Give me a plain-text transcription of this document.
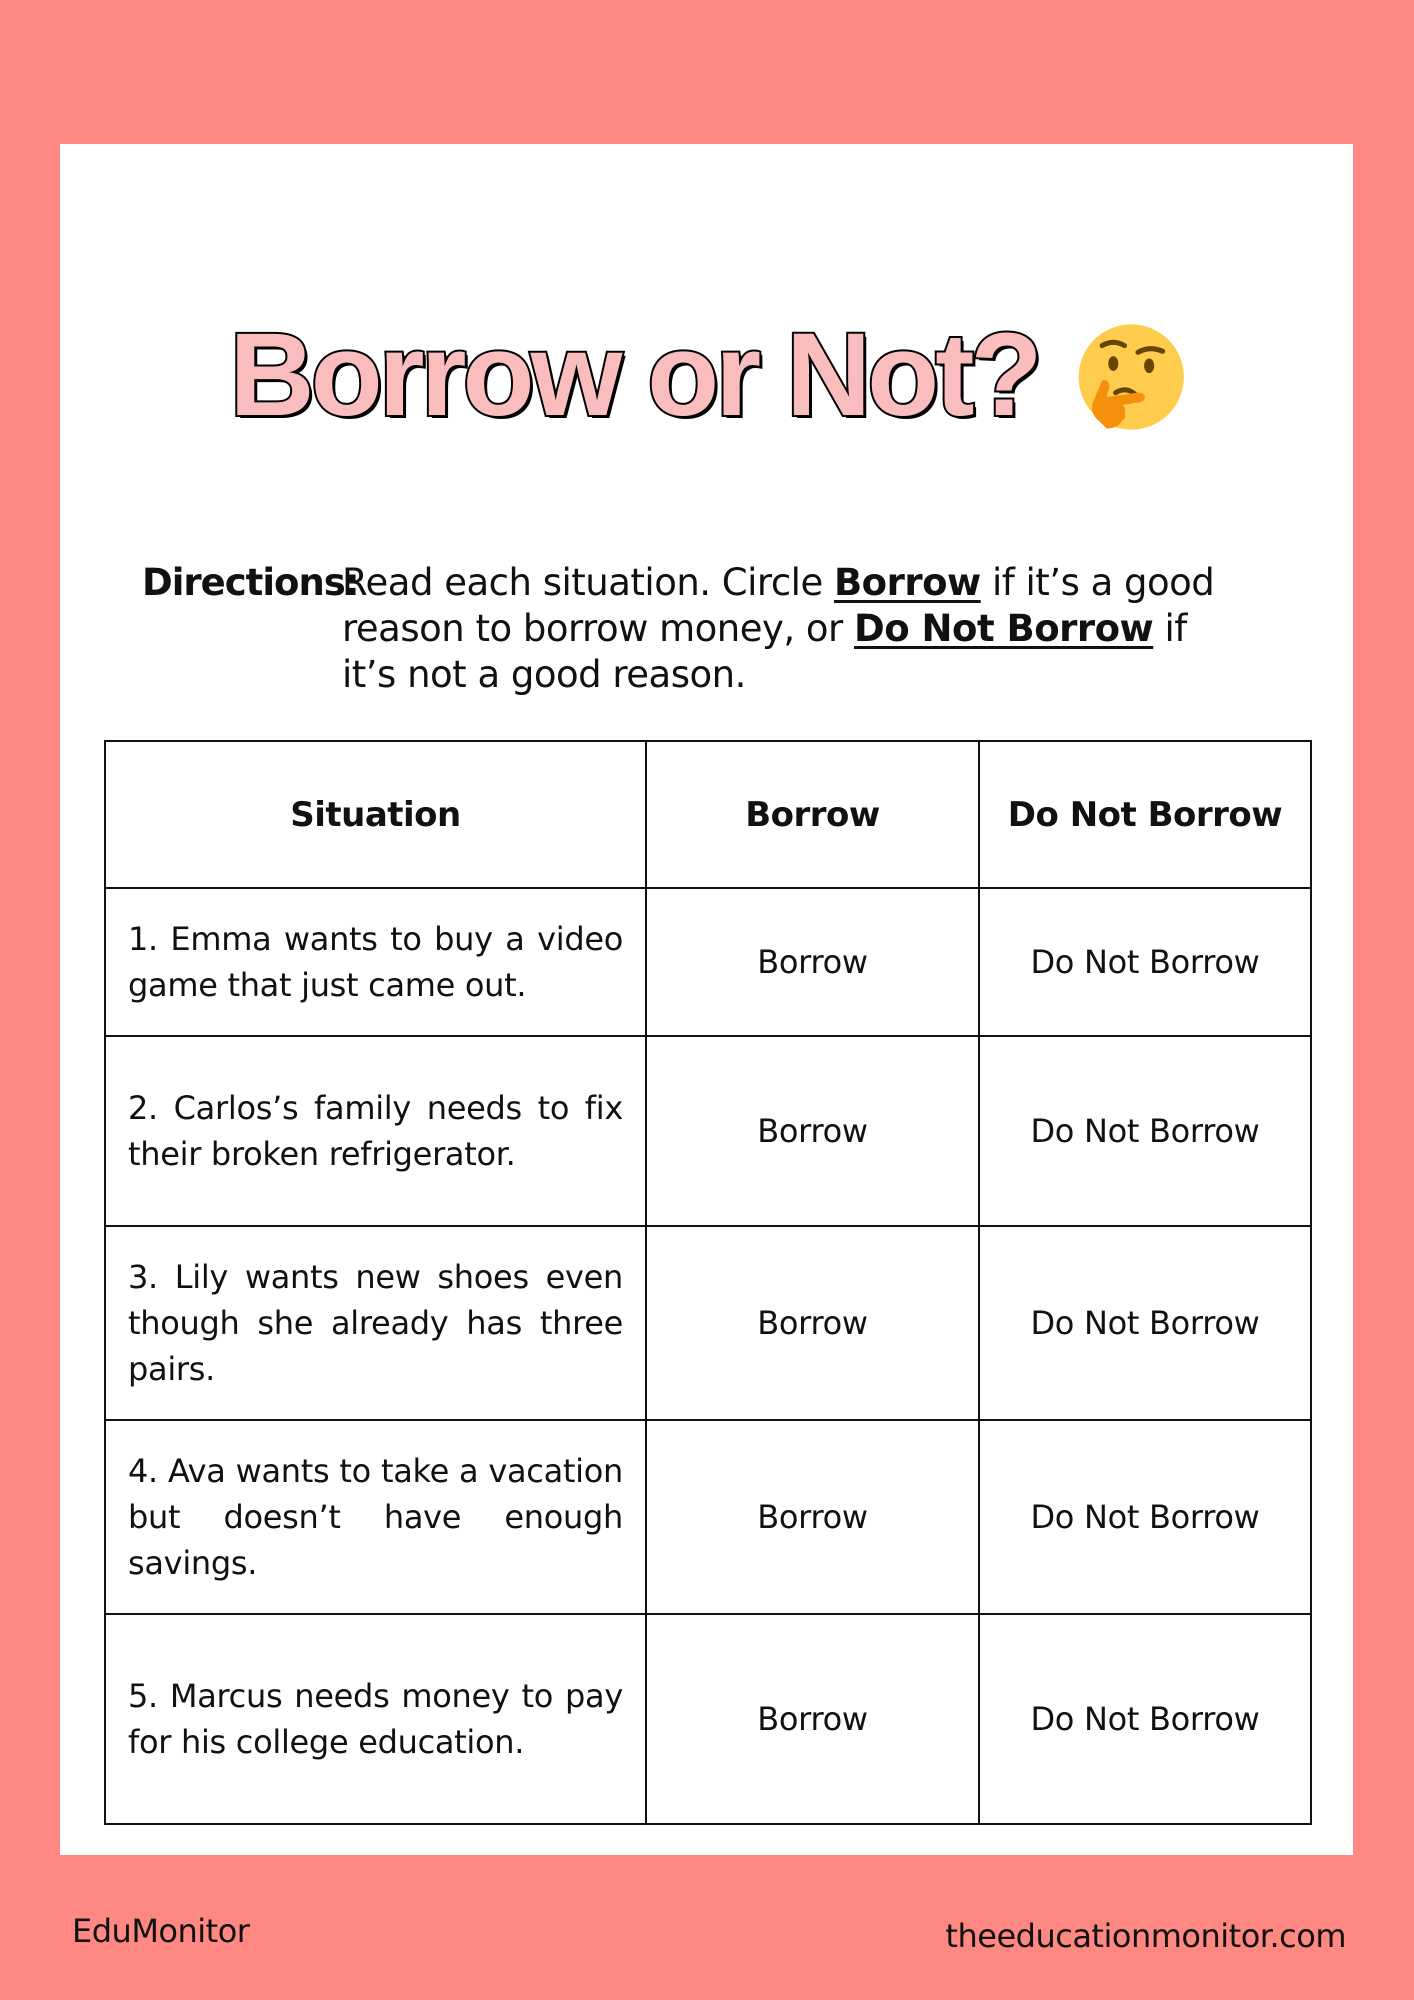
Borrow or Not?
Directions:
Read each situation. Circle Borrow if it’s a good reason to borrow money, or Do Not Borrow if it’s not a good reason.
Situation	Borrow	Do Not Borrow
1. Emma wants to buy a video game that just came out.	Borrow	Do Not Borrow
2. Carlos’s family needs to fix their broken refrigerator.	Borrow	Do Not Borrow
3. Lily wants new shoes even though she already has three pairs.	Borrow	Do Not Borrow
4. Ava wants to take a vacation but doesn’t have enough savings.	Borrow	Do Not Borrow
5. Marcus needs money to pay for his college education.	Borrow	Do Not Borrow
EduMonitor	theeducationmonitor.com
